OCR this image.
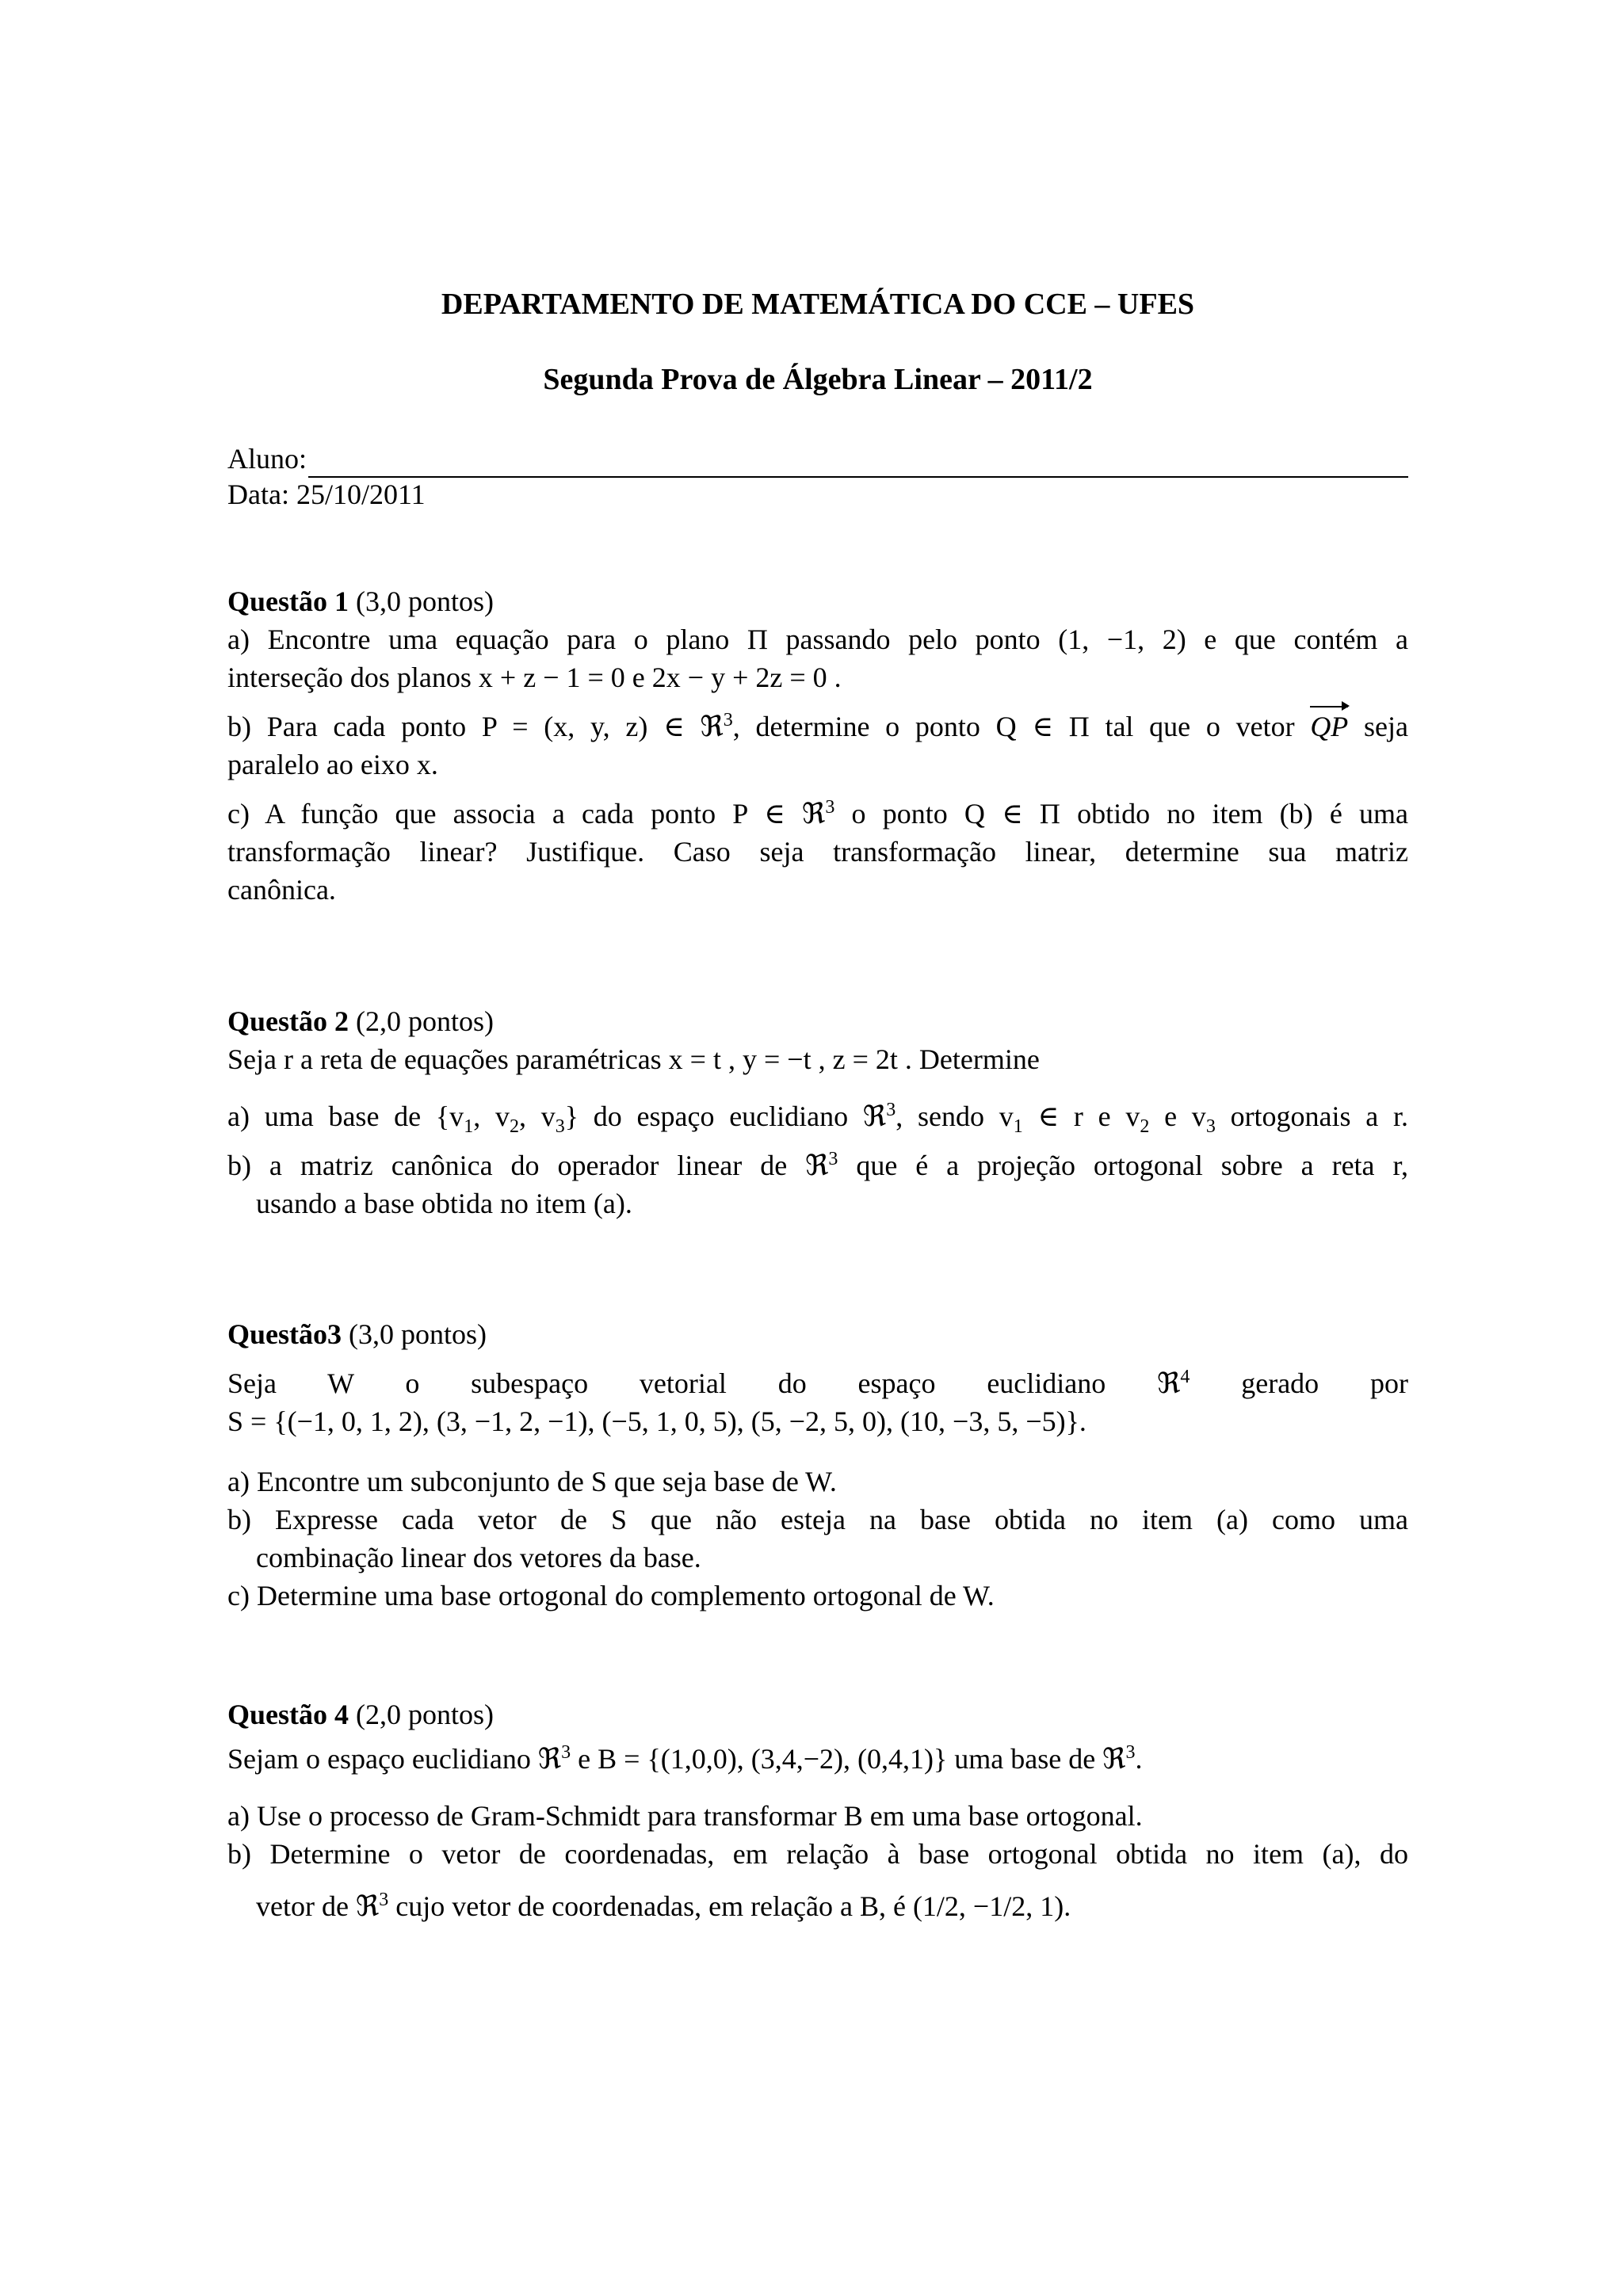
DEPARTAMENTO DE MATEMÁTICA DO CCE – UFES
Segunda Prova de Álgebra Linear – 2011/2
Aluno:
Data: 25/10/2011

Questão 1 (3,0 pontos)

a) Encontre uma equação para o plano Π passando pelo ponto (1, −1, 2) e que contém a

interseção dos planos x + z − 1 = 0 e 2x − y + 2z = 0 .

b) Para cada ponto P = (x, y, z) ∈ ℜ$^3$, determine o ponto Q ∈ Π tal que o vetor QP seja

paralelo ao eixo x.

c) A função que associa a cada ponto P ∈ ℜ$^3$ o ponto Q ∈ Π obtido no item (b) é uma

transformação linear? Justifique. Caso seja transformação linear, determine sua matriz

canônica.

Questão 2 (2,0 pontos)

Seja r a reta de equações paramétricas x = t , y = −t , z = 2t . Determine

a) uma base de {$v_1$, $v_2$, $v_3$} do espaço euclidiano ℜ$^3$, sendo $v_1$ ∈ r e $v_2$ e $v_3$ ortogonais a r.

b) a matriz canônica do operador linear de ℜ$^3$ que é a projeção ortogonal sobre a reta r,

usando a base obtida no item (a).

Questão3 (3,0 pontos)

Seja W o subespaço vetorial do espaço euclidiano ℜ$^4$ gerado por

S = {(−1, 0, 1, 2), (3, −1, 2, −1), (−5, 1, 0, 5), (5, −2, 5, 0), (10, −3, 5, −5)}.

a) Encontre um subconjunto de S que seja base de W.

b) Expresse cada vetor de S que não esteja na base obtida no item (a) como uma

combinação linear dos vetores da base.

c) Determine uma base ortogonal do complemento ortogonal de W.

Questão 4 (2,0 pontos)

Sejam o espaço euclidiano ℜ$^3$ e B = {(1,0,0), (3,4,−2), (0,4,1)} uma base de ℜ$^3$.

a) Use o processo de Gram-Schmidt para transformar B em uma base ortogonal.

b) Determine o vetor de coordenadas, em relação à base ortogonal obtida no item (a), do

vetor de ℜ$^3$ cujo vetor de coordenadas, em relação a B, é (1/2, −1/2, 1).
